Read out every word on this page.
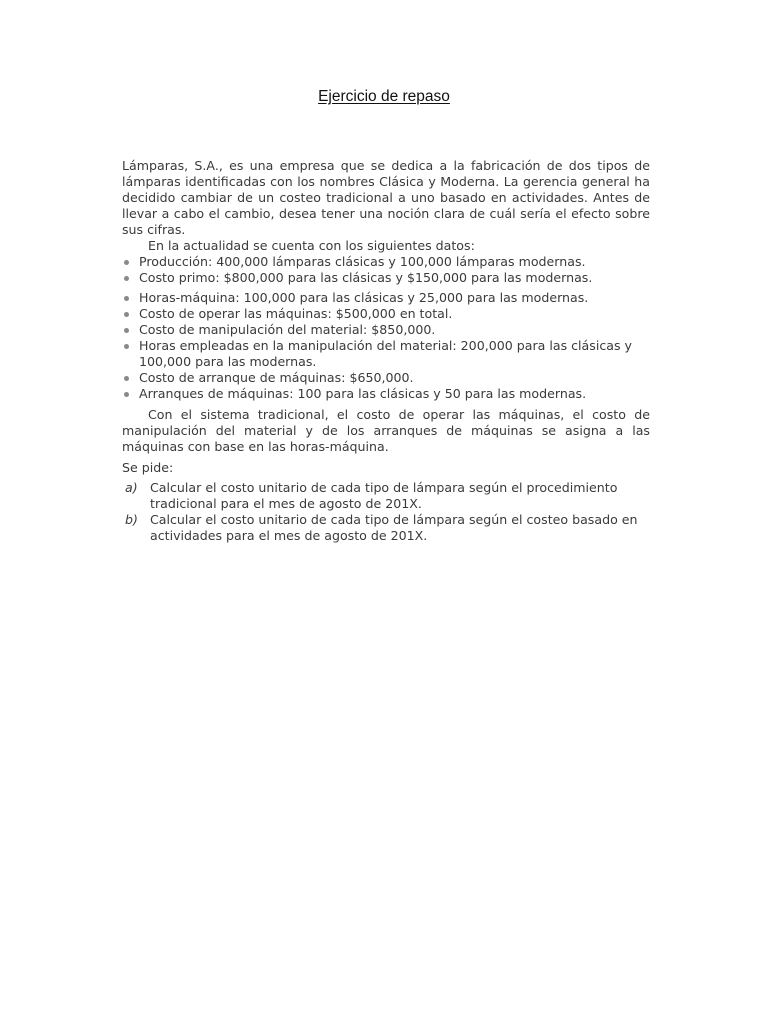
Ejercicio de repaso

Lámparas, S.A., es una empresa que se dedica a la fabricación de dos tipos de lámparas identificadas con los nombres Clásica y Moderna. La gerencia general ha decidido cambiar de un costeo tradicional a uno basado en actividades. Antes de llevar a cabo el cambio, desea tener una noción clara de cuál sería el efecto sobre sus cifras.

En la actualidad se cuenta con los siguientes datos:

Producción: 400,000 lámparas clásicas y 100,000 lámparas modernas.
Costo primo: $800,000 para las clásicas y $150,000 para las modernas.
Horas-máquina: 100,000 para las clásicas y 25,000 para las modernas.
Costo de operar las máquinas: $500,000 en total.
Costo de manipulación del material: $850,000.
Horas empleadas en la manipulación del material: 200,000 para las clásicas y 100,000 para las modernas.
Costo de arranque de máquinas: $650,000.
Arranques de máquinas: 100 para las clásicas y 50 para las modernas.

Con el sistema tradicional, el costo de operar las máquinas, el costo de manipulación del material y de los arranques de máquinas se asigna a las máquinas con base en las horas-máquina.

Se pide:

a) Calcular el costo unitario de cada tipo de lámpara según el procedimiento tradicional para el mes de agosto de 201X.
b) Calcular el costo unitario de cada tipo de lámpara según el costeo basado en actividades para el mes de agosto de 201X.
